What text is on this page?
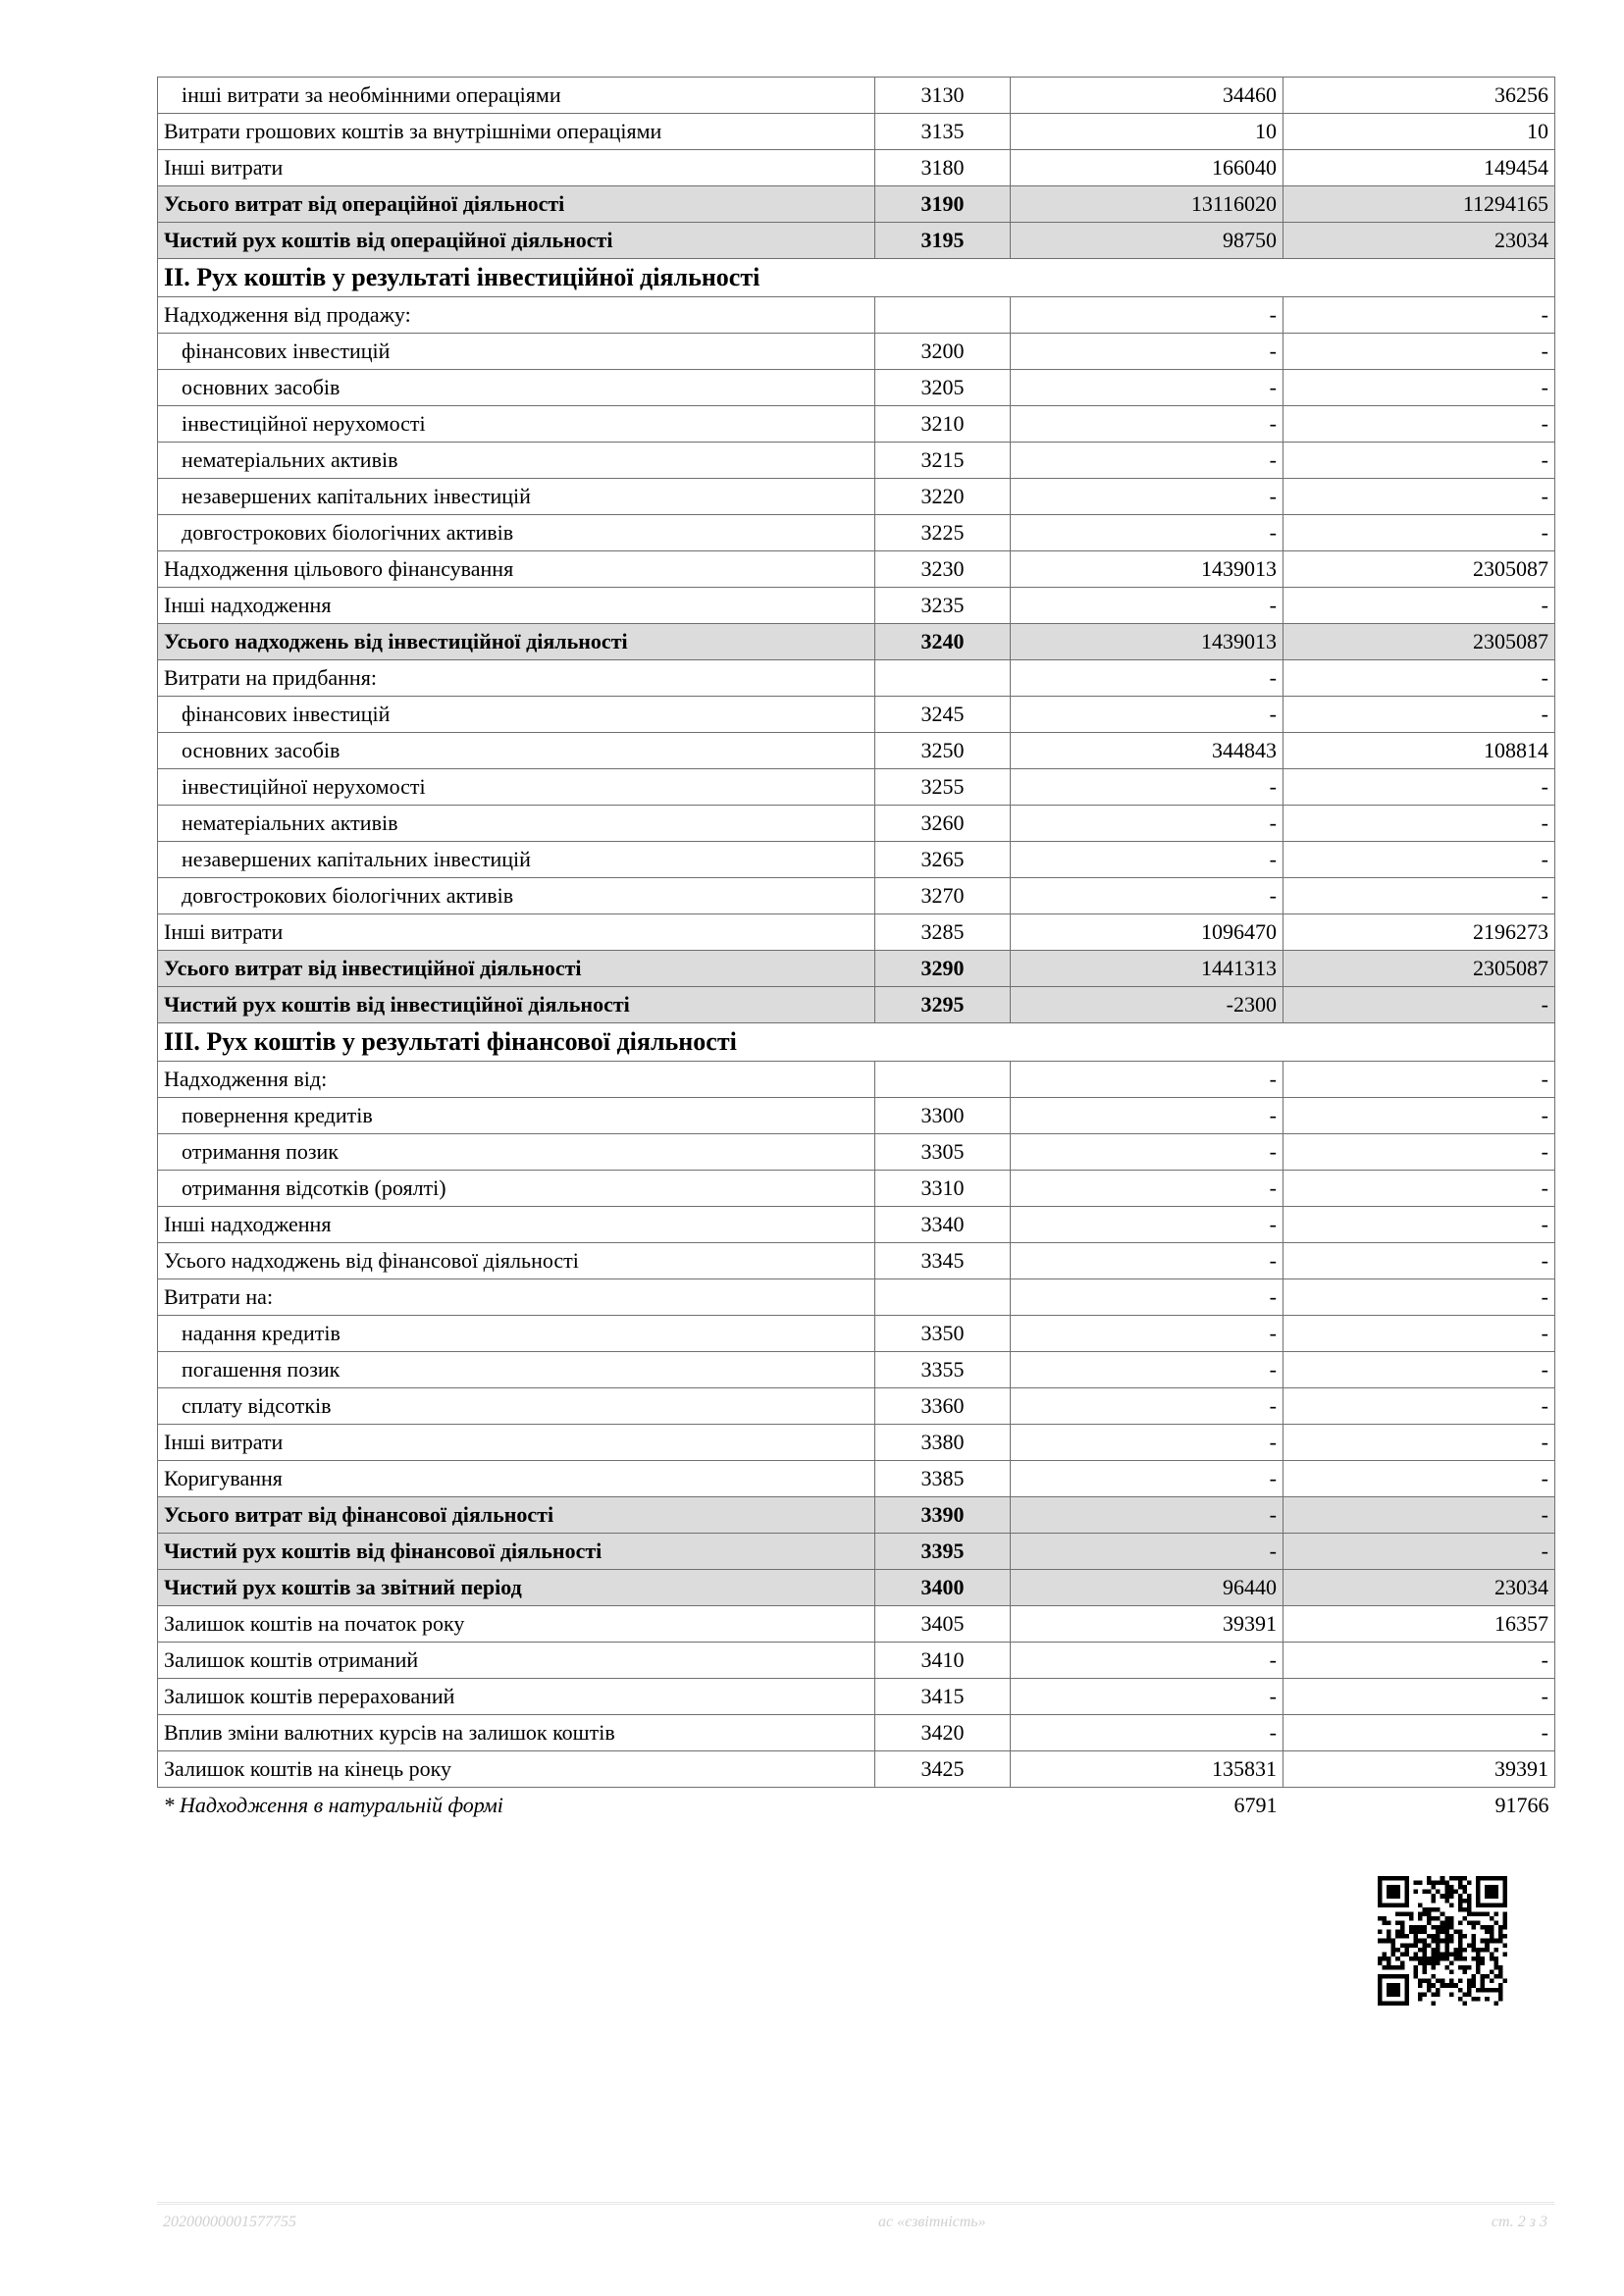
інші витрати за необмінними операціями	3130	34460	36256
Витрати грошових коштів за внутрішніми операціями	3135	10	10
Інші витрати	3180	166040	149454
Усього витрат від операційної діяльності	3190	13116020	11294165
Чистий рух коштів від операційної діяльності	3195	98750	23034
II. Рух коштів у результаті інвестиційної діяльності			
Надходження від продажу:		-	-
фінансових інвестицій	3200	-	-
основних засобів	3205	-	-
інвестиційної нерухомості	3210	-	-
нематеріальних активів	3215	-	-
незавершених капітальних інвестицій	3220	-	-
довгострокових біологічних активів	3225	-	-
Надходження цільового фінансування	3230	1439013	2305087
Інші надходження	3235	-	-
Усього надходжень від інвестиційної діяльності	3240	1439013	2305087
Витрати на придбання:		-	-
фінансових інвестицій	3245	-	-
основних засобів	3250	344843	108814
інвестиційної нерухомості	3255	-	-
нематеріальних активів	3260	-	-
незавершених капітальних інвестицій	3265	-	-
довгострокових біологічних активів	3270	-	-
Інші витрати	3285	1096470	2196273
Усього витрат від інвестиційної діяльності	3290	1441313	2305087
Чистий рух коштів від інвестиційної діяльності	3295	-2300	-
III. Рух коштів у результаті фінансової діяльності			
Надходження від:		-	-
повернення кредитів	3300	-	-
отримання позик	3305	-	-
отримання відсотків (роялті)	3310	-	-
Інші надходження	3340	-	-
Усього надходжень від фінансової діяльності	3345	-	-
Витрати на:		-	-
надання кредитів	3350	-	-
погашення позик	3355	-	-
сплату відсотків	3360	-	-
Інші витрати	3380	-	-
Коригування	3385	-	-
Усього витрат від фінансової діяльності	3390	-	-
Чистий рух коштів від фінансової діяльності	3395	-	-
Чистий рух коштів за звітний період	3400	96440	23034
Залишок коштів на початок року	3405	39391	16357
Залишок коштів отриманий	3410	-	-
Залишок коштів перерахований	3415	-	-
Вплив зміни валютних курсів на залишок коштів	3420	-	-
Залишок коштів на кінець року	3425	135831	39391
* Надходження в натуральній формі		6791	91766
20200000001577755	ас «єзвітність»	ст. 2 з 3
